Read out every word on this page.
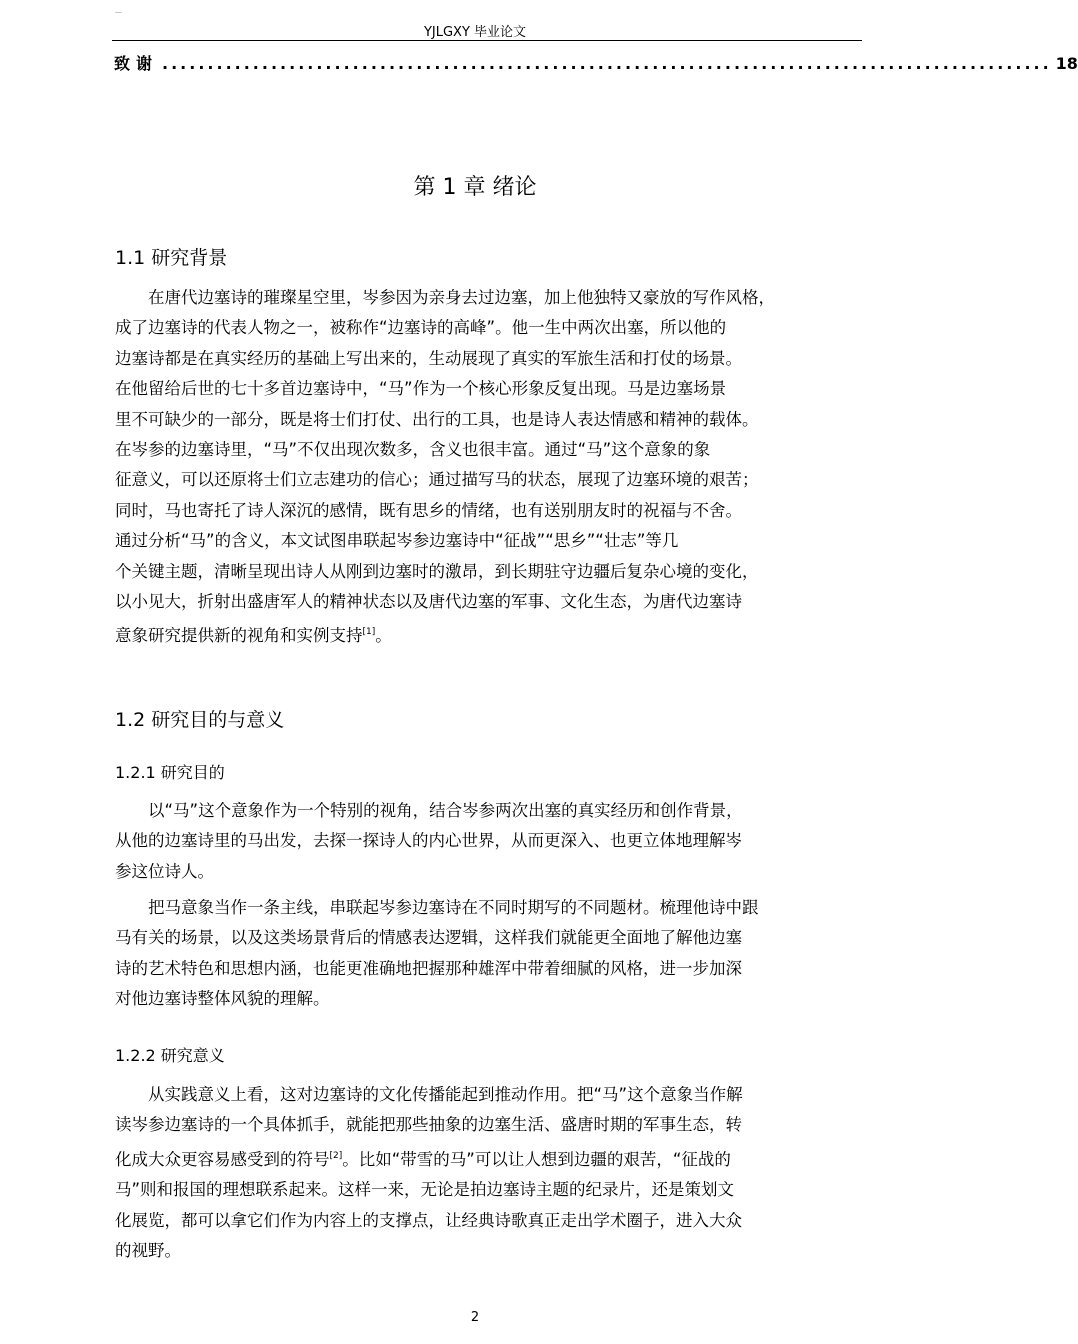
—
YJLGXY 毕业论文
致谢 .................................................................................................. 18
第 1 章 绪论
1.1 研究背景
在唐代边塞诗的璀璨星空里，岑参因为亲身去过边塞，加上他独特又豪放的写作风格，
成了边塞诗的代表人物之一，被称作“边塞诗的高峰”。他一生中两次出塞，所以他的
边塞诗都是在真实经历的基础上写出来的，生动展现了真实的军旅生活和打仗的场景。
在他留给后世的七十多首边塞诗中，“马”作为一个核心形象反复出现。马是边塞场景
里不可缺少的一部分，既是将士们打仗、出行的工具，也是诗人表达情感和精神的载体。
在岑参的边塞诗里，“马”不仅出现次数多，含义也很丰富。通过“马”这个意象的象
征意义，可以还原将士们立志建功的信心；通过描写马的状态，展现了边塞环境的艰苦；
同时，马也寄托了诗人深沉的感情，既有思乡的情绪，也有送别朋友时的祝福与不舍。
通过分析“马”的含义，本文试图串联起岑参边塞诗中“征战”“思乡”“壮志”等几
个关键主题，清晰呈现出诗人从刚到边塞时的激昂，到长期驻守边疆后复杂心境的变化，
以小见大，折射出盛唐军人的精神状态以及唐代边塞的军事、文化生态，为唐代边塞诗
意象研究提供新的视角和实例支持[1]。
1.2 研究目的与意义
1.2.1 研究目的
以“马”这个意象作为一个特别的视角，结合岑参两次出塞的真实经历和创作背景，
从他的边塞诗里的马出发，去探一探诗人的内心世界，从而更深入、也更立体地理解岑
参这位诗人。
把马意象当作一条主线，串联起岑参边塞诗在不同时期写的不同题材。梳理他诗中跟
马有关的场景，以及这类场景背后的情感表达逻辑，这样我们就能更全面地了解他边塞
诗的艺术特色和思想内涵，也能更准确地把握那种雄浑中带着细腻的风格，进一步加深
对他边塞诗整体风貌的理解。
1.2.2 研究意义
从实践意义上看，这对边塞诗的文化传播能起到推动作用。把“马”这个意象当作解
读岑参边塞诗的一个具体抓手，就能把那些抽象的边塞生活、盛唐时期的军事生态，转
化成大众更容易感受到的符号[2]。比如“带雪的马”可以让人想到边疆的艰苦，“征战的
马”则和报国的理想联系起来。这样一来，无论是拍边塞诗主题的纪录片，还是策划文
化展览，都可以拿它们作为内容上的支撑点，让经典诗歌真正走出学术圈子，进入大众
的视野。
2
